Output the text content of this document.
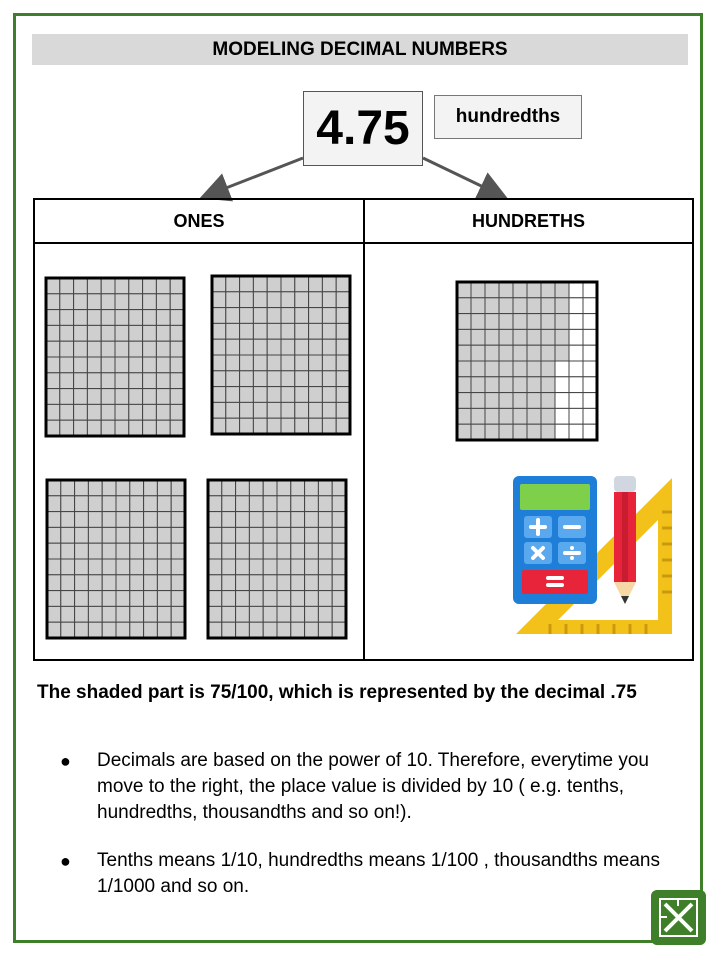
MODELING DECIMAL NUMBERS
4.75	hundredths
ONES	HUNDRETHS
The shaded part is 75/100, which is represented by the decimal .75
● Decimals are based on the power of 10. Therefore, everytime you move to the right, the place value is divided by 10 ( e.g. tenths, hundredths, thousandths and so on!).
● Tenths means 1/10, hundredths means 1/100 , thousandths means 1/1000 and so on.
